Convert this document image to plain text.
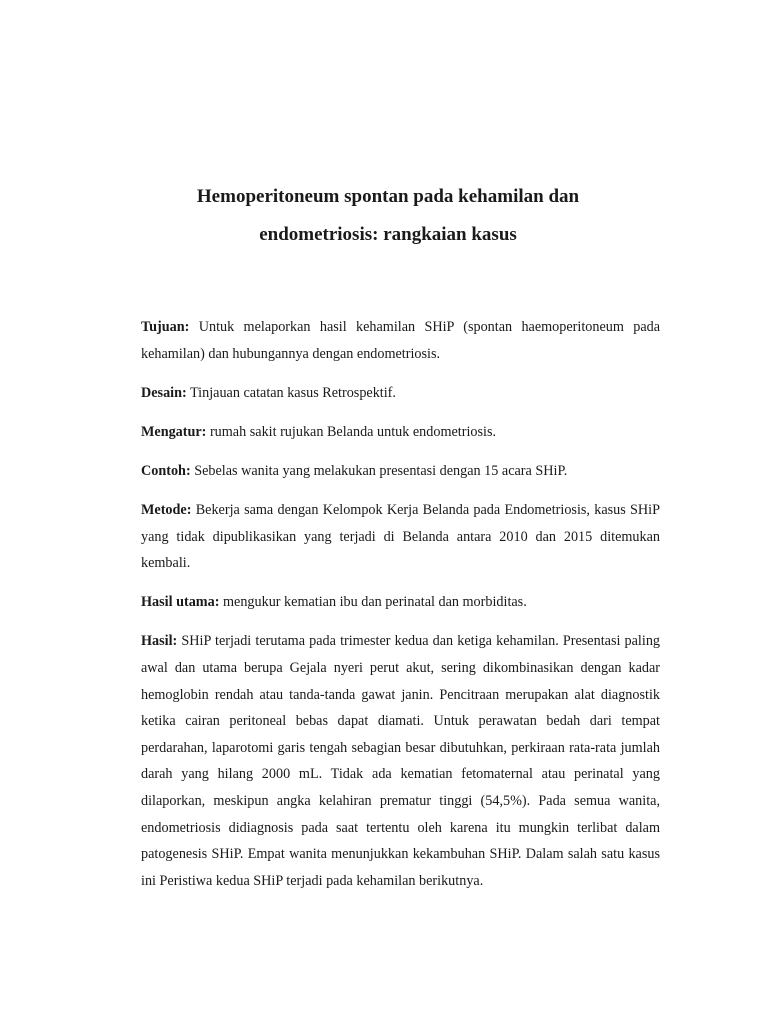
Hemoperitoneum spontan pada kehamilan dan
endometriosis: rangkaian kasus

Tujuan: Untuk melaporkan hasil kehamilan SHiP (spontan haemoperitoneum pada kehamilan) dan hubungannya dengan endometriosis.

Desain: Tinjauan catatan kasus Retrospektif.

Mengatur: rumah sakit rujukan Belanda untuk endometriosis.

Contoh: Sebelas wanita yang melakukan presentasi dengan 15 acara SHiP.

Metode: Bekerja sama dengan Kelompok Kerja Belanda pada Endometriosis, kasus SHiP yang tidak dipublikasikan yang terjadi di Belanda antara 2010 dan 2015 ditemukan kembali.

Hasil utama: mengukur kematian ibu dan perinatal dan morbiditas.

Hasil: SHiP terjadi terutama pada trimester kedua dan ketiga kehamilan. Presentasi paling awal dan utama berupa Gejala nyeri perut akut, sering dikombinasikan dengan kadar hemoglobin rendah atau tanda-tanda gawat janin. Pencitraan merupakan alat diagnostik ketika cairan peritoneal bebas dapat diamati. Untuk perawatan bedah dari tempat perdarahan, laparotomi garis tengah sebagian besar dibutuhkan, perkiraan rata-rata jumlah darah yang hilang 2000 mL. Tidak ada kematian fetomaternal atau perinatal yang dilaporkan, meskipun angka kelahiran prematur tinggi (54,5%). Pada semua wanita, endometriosis didiagnosis pada saat tertentu oleh karena itu mungkin terlibat dalam patogenesis SHiP. Empat wanita menunjukkan kekambuhan SHiP. Dalam salah satu kasus ini Peristiwa kedua SHiP terjadi pada kehamilan berikutnya.
